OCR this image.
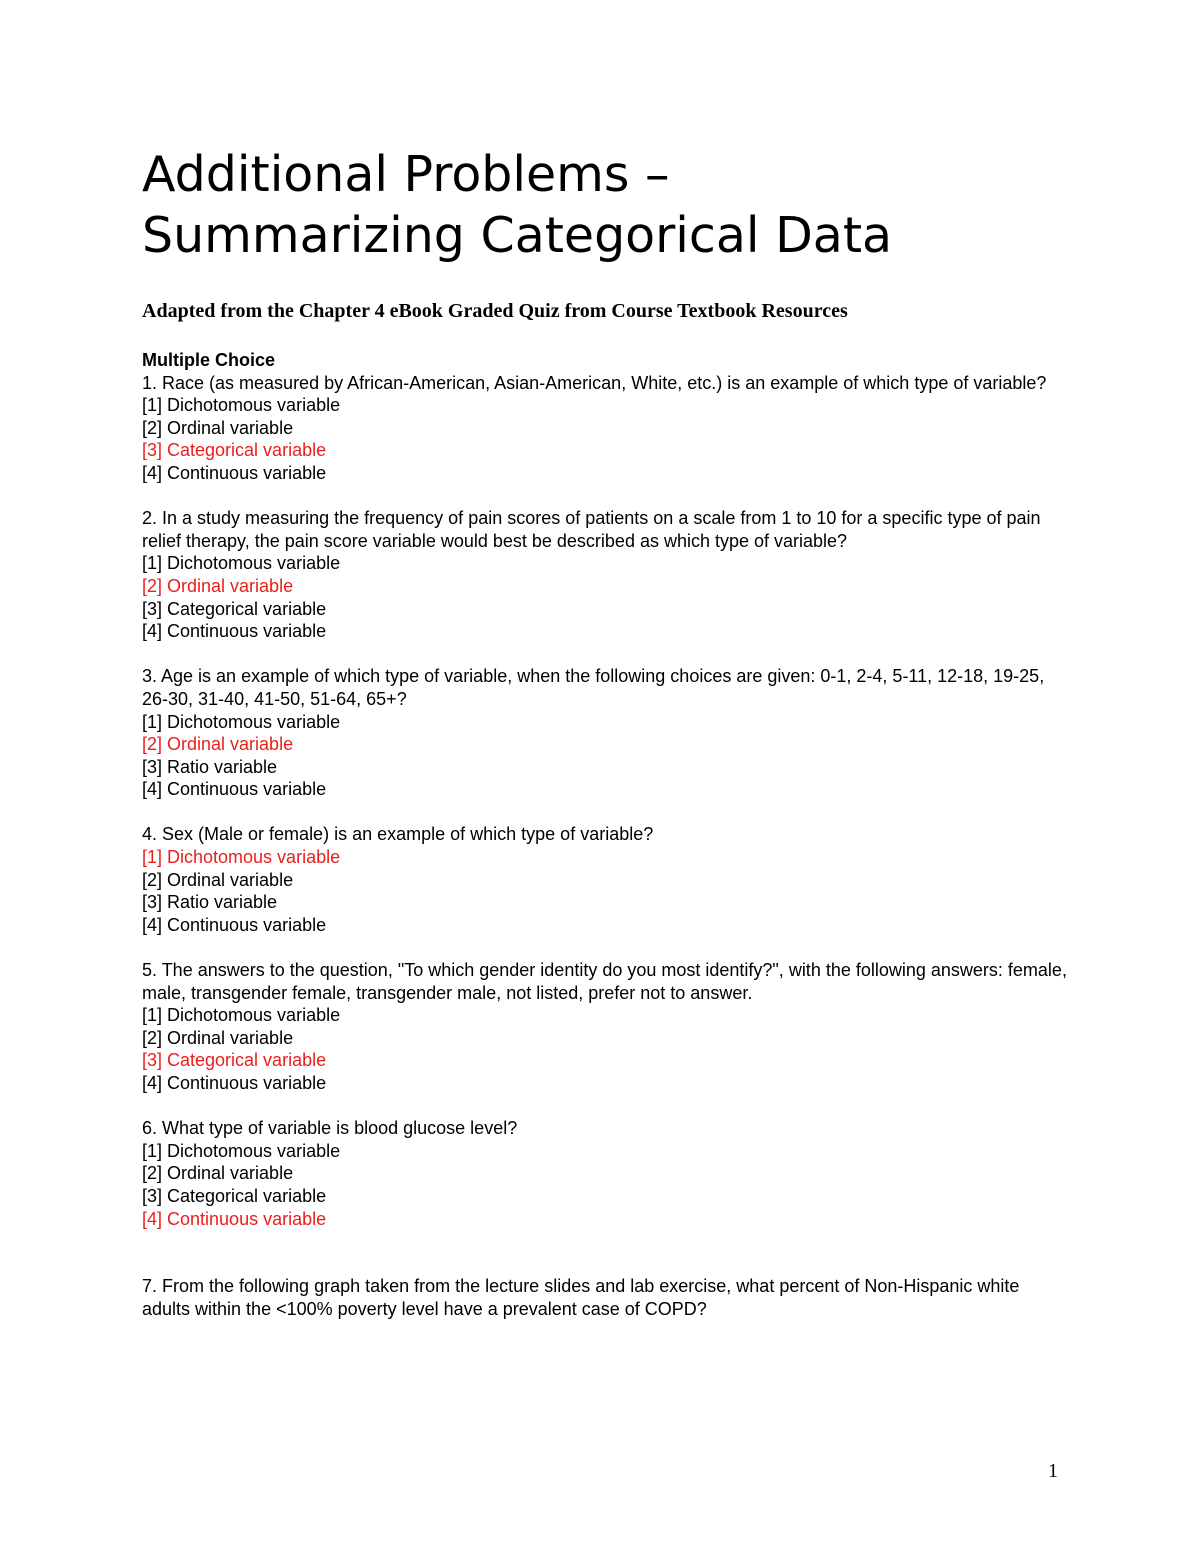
Additional Problems –
Summarizing Categorical Data

Adapted from the Chapter 4 eBook Graded Quiz from Course Textbook Resources

Multiple Choice
1. Race (as measured by African-American, Asian-American, White, etc.) is an example of which type of variable?
[1] Dichotomous variable
[2] Ordinal variable
[3] Categorical variable
[4] Continuous variable
2. In a study measuring the frequency of pain scores of patients on a scale from 1 to 10 for a specific type of pain relief therapy, the pain score variable would best be described as which type of variable?
[1] Dichotomous variable
[2] Ordinal variable
[3] Categorical variable
[4] Continuous variable
3. Age is an example of which type of variable, when the following choices are given: 0-1, 2-4, 5-11, 12-18, 19-25, 26-30, 31-40, 41-50, 51-64, 65+?
[1] Dichotomous variable
[2] Ordinal variable
[3] Ratio variable
[4] Continuous variable
4. Sex (Male or female) is an example of which type of variable?
[1] Dichotomous variable
[2] Ordinal variable
[3] Ratio variable
[4] Continuous variable
5. The answers to the question, "To which gender identity do you most identify?", with the following answers: female, male, transgender female, transgender male, not listed, prefer not to answer.
[1] Dichotomous variable
[2] Ordinal variable
[3] Categorical variable
[4] Continuous variable
6. What type of variable is blood glucose level?
[1] Dichotomous variable
[2] Ordinal variable
[3] Categorical variable
[4] Continuous variable
7. From the following graph taken from the lecture slides and lab exercise, what percent of Non-Hispanic white adults within the <100% poverty level have a prevalent case of COPD?
1
